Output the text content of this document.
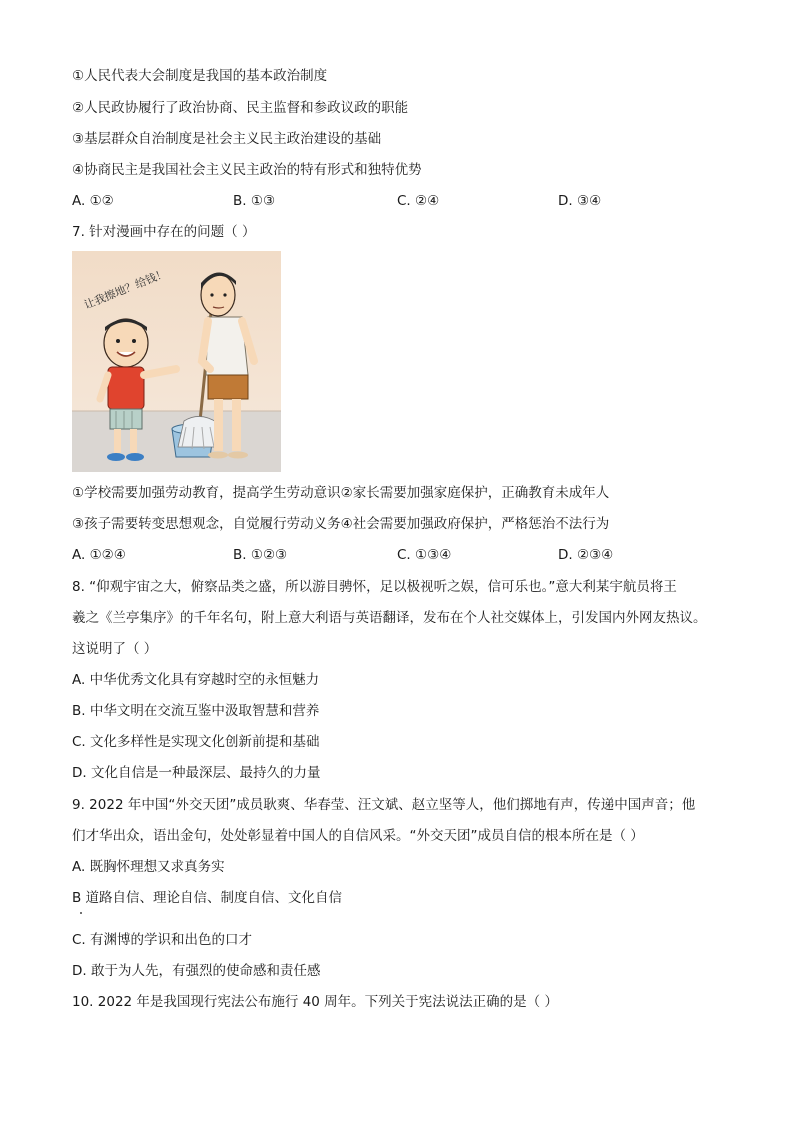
①人民代表大会制度是我国的基本政治制度
②人民政协履行了政治协商、民主监督和参政议政的职能
③基层群众自治制度是社会主义民主政治建设的基础
④协商民主是我国社会主义民主政治的特有形式和独特优势
A. ①②	B. ①③	C. ②④	D. ③④
7. 针对漫画中存在的问题（ ）
让我擦地？给钱！
①学校需要加强劳动教育，提高学生劳动意识②家长需要加强家庭保护，正确教育未成年人
③孩子需要转变思想观念，自觉履行劳动义务④社会需要加强政府保护，严格惩治不法行为
A. ①②④	B. ①②③	C. ①③④	D. ②③④
8. “仰观宇宙之大，俯察品类之盛，所以游目骋怀，足以极视听之娱，信可乐也。”意大利某宇航员将王
羲之《兰亭集序》的千年名句，附上意大利语与英语翻译，发布在个人社交媒体上，引发国内外网友热议。
这说明了（ ）
A. 中华优秀文化具有穿越时空的永恒魅力
B. 中华文明在交流互鉴中汲取智慧和营养
C. 文化多样性是实现文化创新前提和基础
D. 文化自信是一种最深层、最持久的力量
9. 2022 年中国“外交天团”成员耿爽、华春莹、汪文斌、赵立坚等人，他们掷地有声，传递中国声音；他
们才华出众，语出金句，处处彰显着中国人的自信风采。“外交天团”成员自信的根本所在是（ ）
A. 既胸怀理想又求真务实
B 道路自信、理论自信、制度自信、文化自信
C. 有渊博的学识和出色的口才
D. 敢于为人先，有强烈的使命感和责任感
10. 2022 年是我国现行宪法公布施行 40 周年。下列关于宪法说法正确的是（ ）
